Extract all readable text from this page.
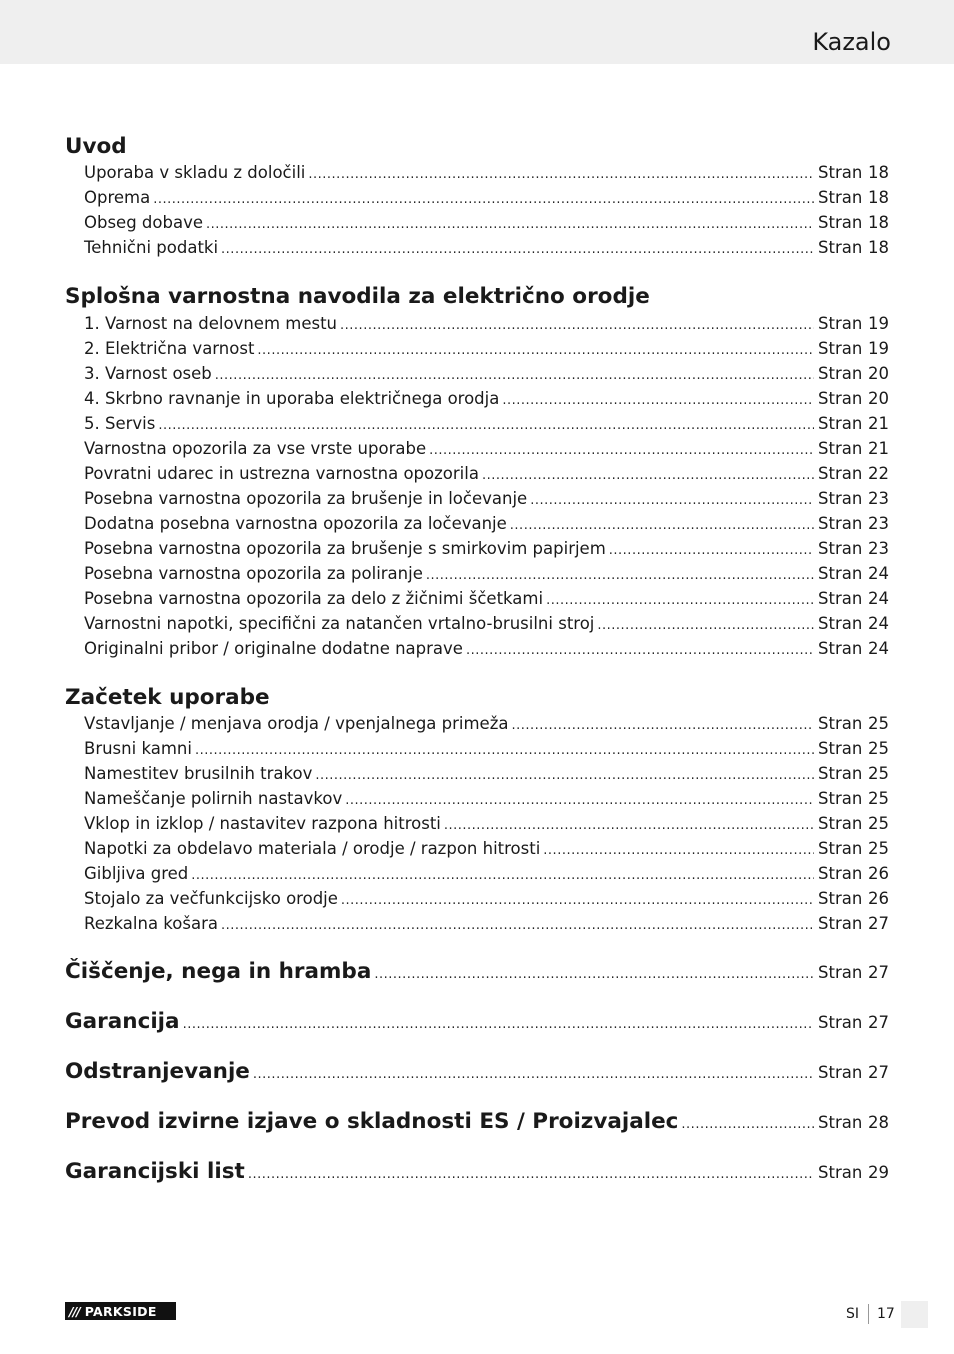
Kazalo
Uvod
Uporaba v skladu z določili .....	Stran 18
Oprema .....	Stran 18
Obseg dobave .....	Stran 18
Tehnični podatki .....	Stran 18
Splošna varnostna navodila za električno orodje
1. Varnost na delovnem mestu .....	Stran 19
2. Električna varnost .....	Stran 19
3. Varnost oseb .....	Stran 20
4. Skrbno ravnanje in uporaba električnega orodja .....	Stran 20
5. Servis .....	Stran 21
Varnostna opozorila za vse vrste uporabe .....	Stran 21
Povratni udarec in ustrezna varnostna opozorila .....	Stran 22
Posebna varnostna opozorila za brušenje in ločevanje .....	Stran 23
Dodatna posebna varnostna opozorila za ločevanje .....	Stran 23
Posebna varnostna opozorila za brušenje s smirkovim papirjem .....	Stran 23
Posebna varnostna opozorila za poliranje .....	Stran 24
Posebna varnostna opozorila za delo z žičnimi ščetkami .....	Stran 24
Varnostni napotki, specifični za natančen vrtalno-brusilni stroj .....	Stran 24
Originalni pribor / originalne dodatne naprave .....	Stran 24
Začetek uporabe
Vstavljanje / menjava orodja / vpenjalnega primeža .....	Stran 25
Brusni kamni .....	Stran 25
Namestitev brusilnih trakov .....	Stran 25
Nameščanje polirnih nastavkov .....	Stran 25
Vklop in izklop / nastavitev razpona hitrosti .....	Stran 25
Napotki za obdelavo materiala / orodje / razpon hitrosti .....	Stran 25
Gibljiva gred .....	Stran 26
Stojalo za večfunkcijsko orodje .....	Stran 26
Rezkalna košara .....	Stran 27
Čiščenje, nega in hramba .....	Stran 27
Garancija .....	Stran 27
Odstranjevanje .....	Stran 27
Prevod izvirne izjave o skladnosti ES / Proizvajalec .....	Stran 28
Garancijski list .....	Stran 29
/// PARKSIDE	SI 17
